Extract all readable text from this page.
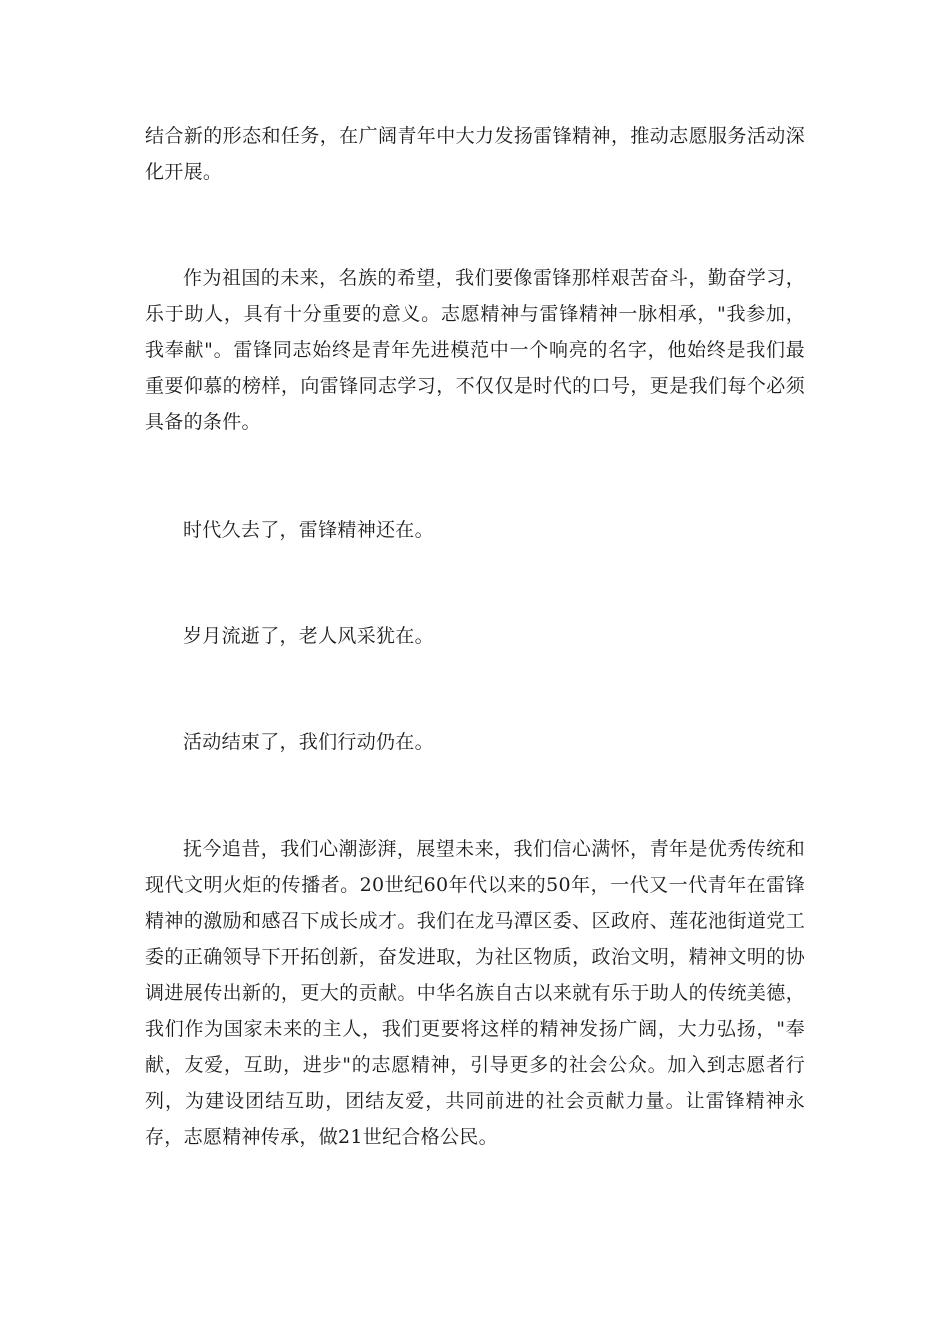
结合新的形态和任务，在广阔青年中大力发扬雷锋精神，推动志愿服务活动深化开展。

作为祖国的未来，名族的希望，我们要像雷锋那样艰苦奋斗，勤奋学习，乐于助人，具有十分重要的意义。志愿精神与雷锋精神一脉相承，"我参加，我奉献"。雷锋同志始终是青年先进模范中一个响亮的名字，他始终是我们最重要仰慕的榜样，向雷锋同志学习，不仅仅是时代的口号，更是我们每个必须具备的条件。

时代久去了，雷锋精神还在。

岁月流逝了，老人风采犹在。

活动结束了，我们行动仍在。

抚今追昔，我们心潮澎湃，展望未来，我们信心满怀，青年是优秀传统和现代文明火炬的传播者。20世纪60年代以来的50年，一代又一代青年在雷锋精神的激励和感召下成长成才。我们在龙马潭区委、区政府、莲花池街道党工委的正确领导下开拓创新，奋发进取，为社区物质，政治文明，精神文明的协调进展传出新的，更大的贡献。中华名族自古以来就有乐于助人的传统美德，我们作为国家未来的主人，我们更要将这样的精神发扬广阔，大力弘扬，"奉献，友爱，互助，进步"的志愿精神，引导更多的社会公众。加入到志愿者行列，为建设团结互助，团结友爱，共同前进的社会贡献力量。让雷锋精神永存，志愿精神传承，做21世纪合格公民。
